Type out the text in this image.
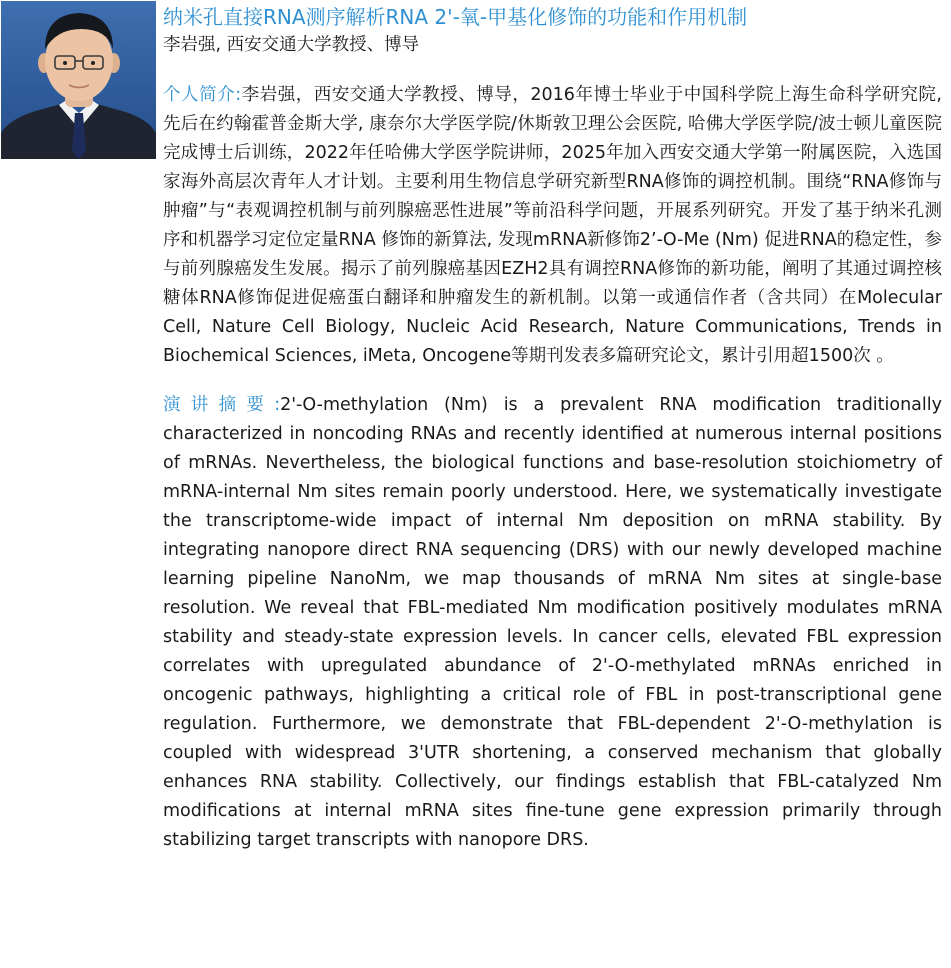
纳米孔直接RNA测序解析RNA 2'-氧-甲基化修饰的功能和作用机制
李岩强, 西安交通大学教授、博导

个人简介:李岩强，西安交通大学教授、博导，2016年博士毕业于中国科学院上海生命科学研究院, 先后在约翰霍普金斯大学, 康奈尔大学医学院/休斯敦卫理公会医院, 哈佛大学医学院/波士顿儿童医院完成博士后训练，2022年任哈佛大学医学院讲师，2025年加入西安交通大学第一附属医院，入选国家海外高层次青年人才计划。主要利用生物信息学研究新型RNA修饰的调控机制。围绕“RNA修饰与肿瘤”与“表观调控机制与前列腺癌恶性进展”等前沿科学问题，开展系列研究。开发了基于纳米孔测序和机器学习定位定量RNA 修饰的新算法, 发现mRNA新修饰2’-O-Me (Nm) 促进RNA的稳定性，参与前列腺癌发生发展。揭示了前列腺癌基因EZH2具有调控RNA修饰的新功能，阐明了其通过调控核糖体RNA修饰促进促癌蛋白翻译和肿瘤发生的新机制。以第一或通信作者（含共同）在Molecular Cell, Nature Cell Biology, Nucleic Acid Research, Nature Communications, Trends in Biochemical Sciences, iMeta, Oncogene等期刊发表多篇研究论文，累计引用超1500次 。

演讲摘要:2'-O-methylation (Nm) is a prevalent RNA modification traditionally characterized in noncoding RNAs and recently identified at numerous internal positions of mRNAs. Nevertheless, the biological functions and base-resolution stoichiometry of mRNA-internal Nm sites remain poorly understood. Here, we systematically investigate the transcriptome-wide impact of internal Nm deposition on mRNA stability. By integrating nanopore direct RNA sequencing (DRS) with our newly developed machine learning pipeline NanoNm, we map thousands of mRNA Nm sites at single-base resolution. We reveal that FBL-mediated Nm modification positively modulates mRNA stability and steady-state expression levels. In cancer cells, elevated FBL expression correlates with upregulated abundance of 2'-O-methylated mRNAs enriched in oncogenic pathways, highlighting a critical role of FBL in post-transcriptional gene regulation. Furthermore, we demonstrate that FBL-dependent 2'-O-methylation is coupled with widespread 3'UTR shortening, a conserved mechanism that globally enhances RNA stability. Collectively, our findings establish that FBL-catalyzed Nm modifications at internal mRNA sites fine-tune gene expression primarily through stabilizing target transcripts with nanopore DRS.
